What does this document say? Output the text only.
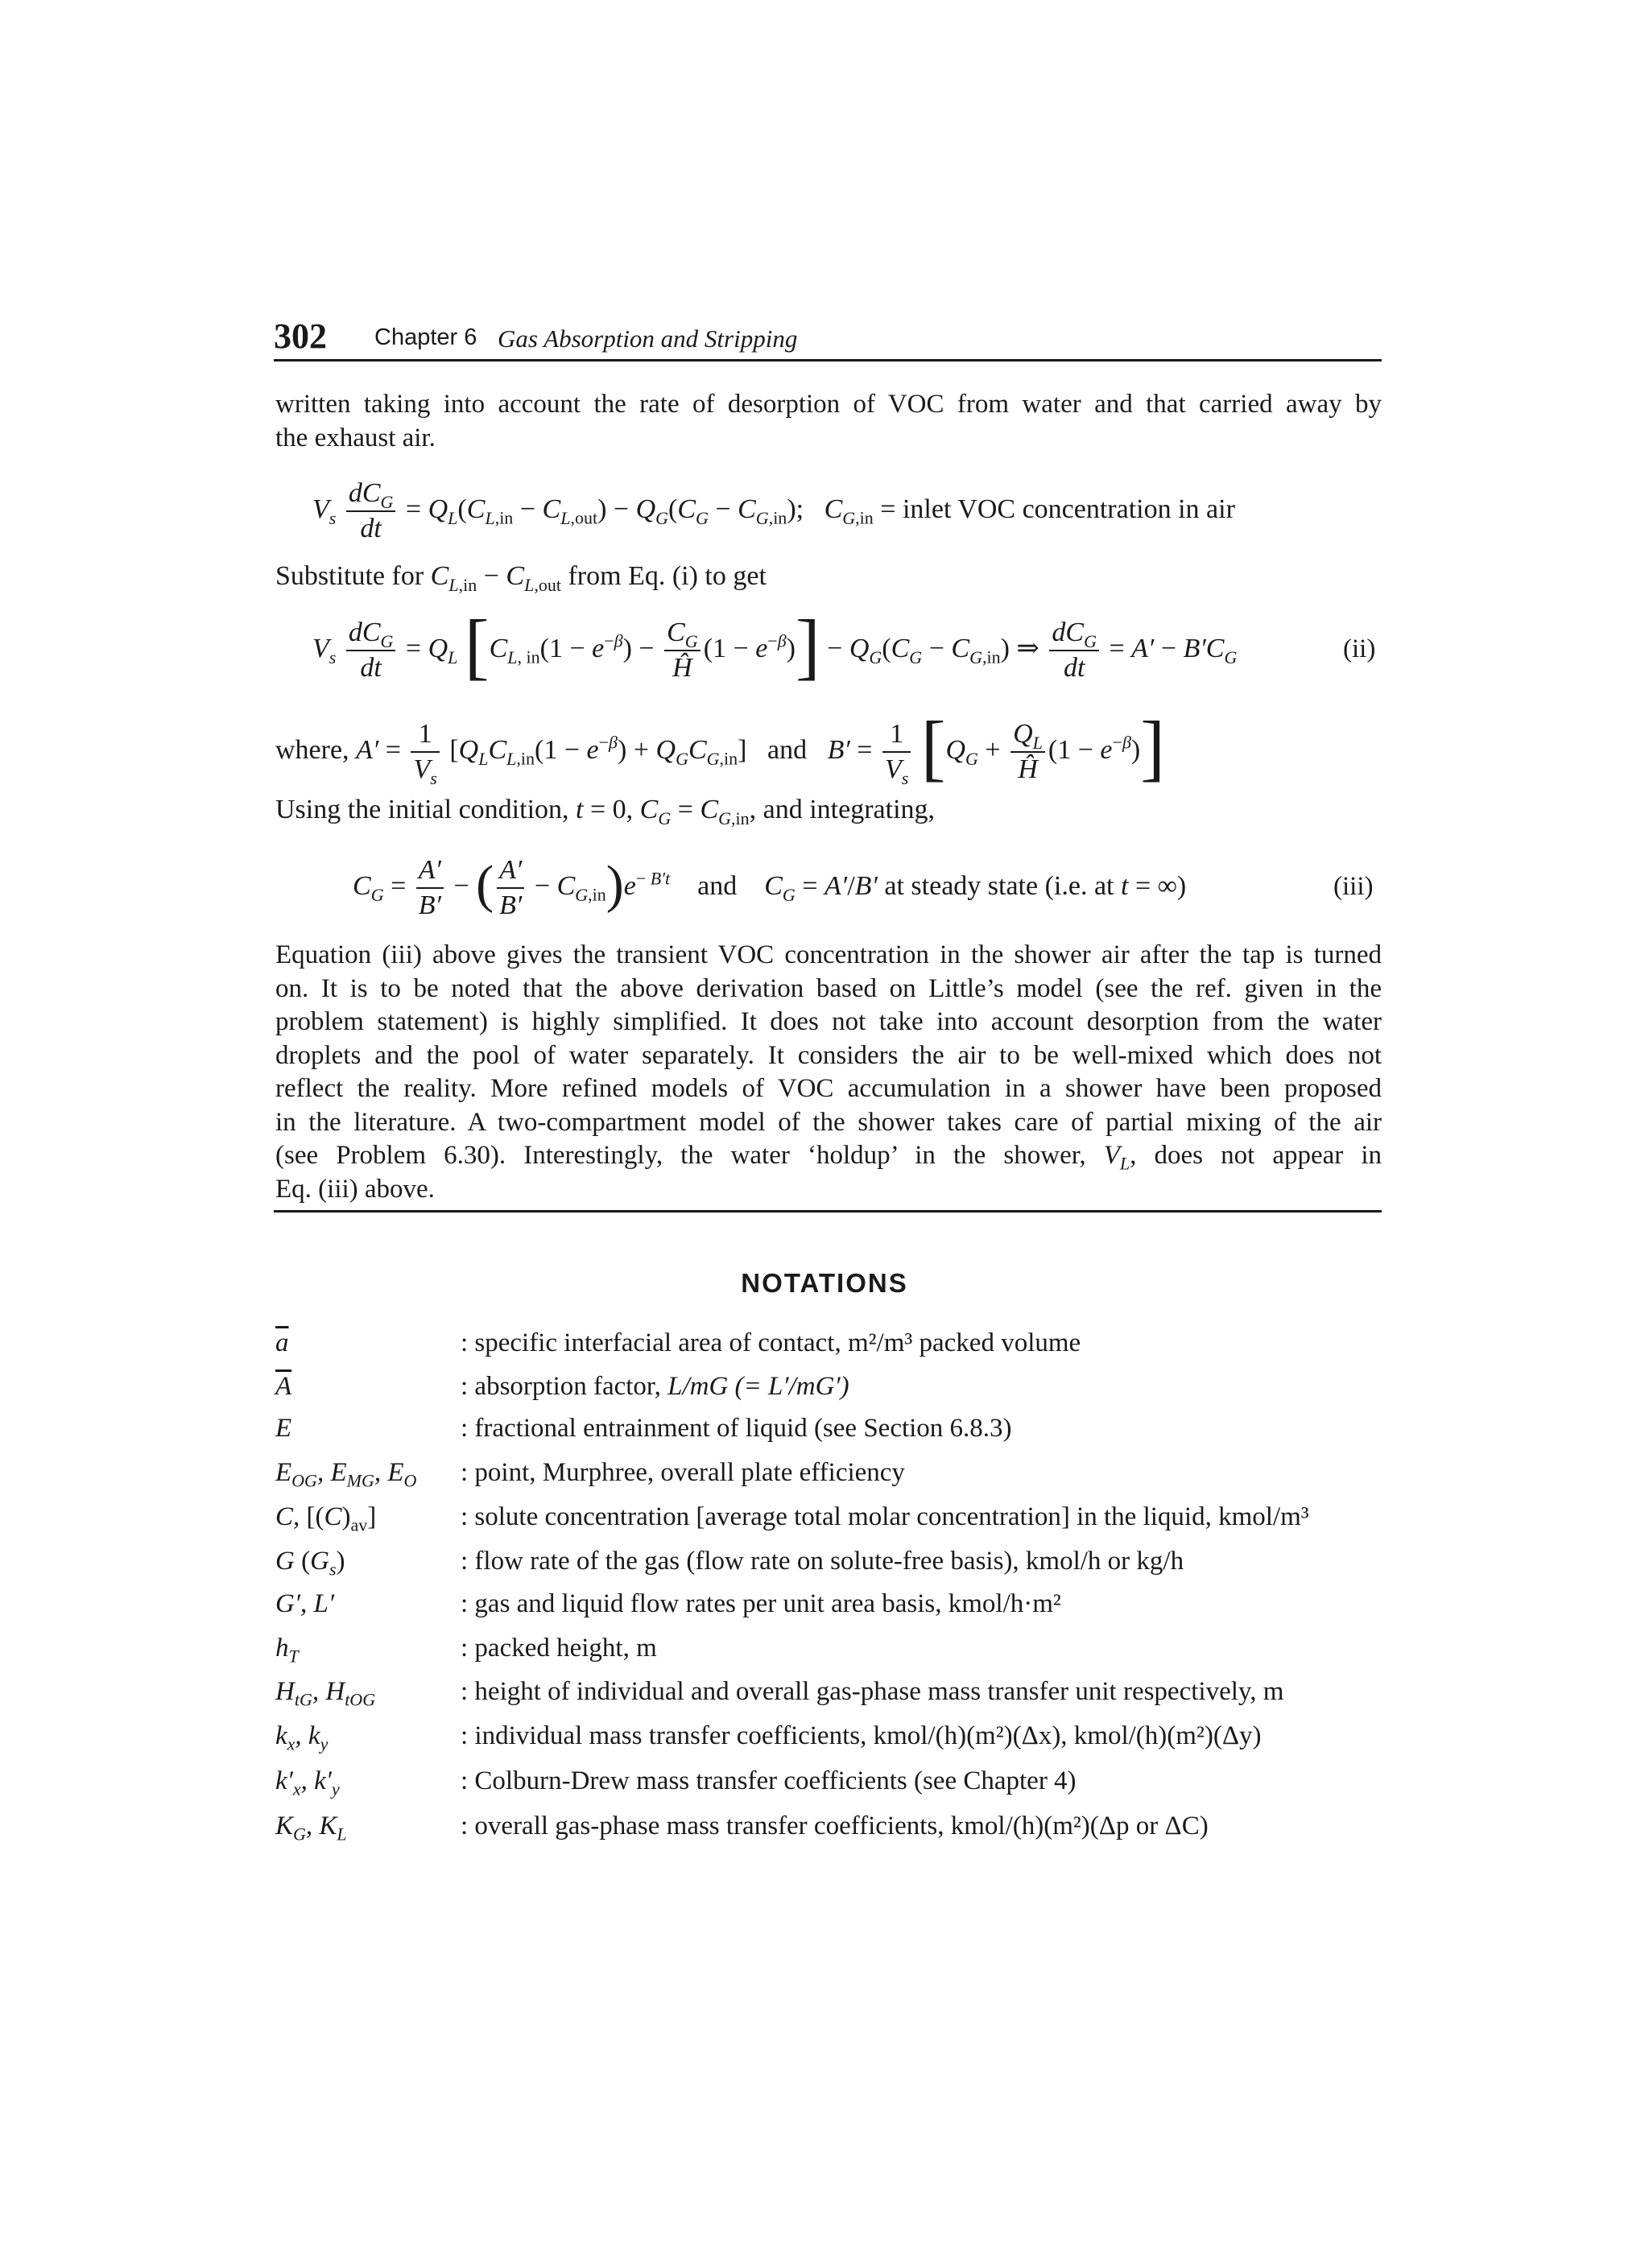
302 Chapter 6 Gas Absorption and Stripping
written taking into account the rate of desorption of VOC from water and that carried away by
the exhaust air.
$V_s \frac{dC_G}{dt} = Q_L(C_{L,in} - C_{L,out}) - Q_G(C_G - C_{G,in})$;   $C_{G,in}$ = inlet VOC concentration in air
Substitute for $C_{L,in} - C_{L,out}$ from Eq. (i) to get
$V_s \frac{dC_G}{dt} = Q_L$ $[C_{L, in}(1 - e^{-\beta}) - \frac{C_G}{Ĥ} (1 - e^{-\beta})] - Q_G(C_G - C_{G,in})$ ⇒ $\frac{dC_G}{dt} = A' - B'C_G$	(ii)
where, $A' = \frac{1}{V_s} [Q_LC_{L,in}(1 - e^{-\beta}) + Q_GC_{G,in}]$   and $B' = \frac{1}{V_s} [Q_G + \frac{Q_L}{Ĥ} (1 - e^{-\beta})]$
Using the initial condition, t = 0, $C_G = C_{G,in}$, and integrating,
$C_G = \frac{A'}{B'}$ − ( $\frac{A'}{B'} - C_{G,in})e^{- B't}$ and $C_G = A'/B'$ at steady state (i.e. at t = ∞)	(iii)
Equation (iii) above gives the transient VOC concentration in the shower air after the tap is turned
on. It is to be noted that the above derivation based on Little’s model (see the ref. given in the
problem statement) is highly simplified. It does not take into account desorption from the water
droplets and the pool of water separately. It considers the air to be well-mixed which does not
reflect the reality. More refined models of VOC accumulation in a shower have been proposed
in the literature. A two-compartment model of the shower takes care of partial mixing of the air
(see Problem 6.30). Interestingly, the water ‘holdup’ in the shower, $V_L$, does not appear in
Eq. (iii) above.
NOTATIONS
$\overline{a}$	: specific interfacial area of contact, m²/m³ packed volume
$\overline{A}$	: absorption factor, L/mG (= L′/mG′)
E	: fractional entrainment of liquid (see Section 6.8.3)
$E_{OG}$, $E_{MG}$, $E_O$ : point, Murphree, overall plate efficiency
C, $[(C)_{av}]$	: solute concentration [average total molar concentration] in the liquid, kmol/m³
G $(G_s)$	: flow rate of the gas (flow rate on solute-free basis), kmol/h or kg/h
G′, L′	: gas and liquid flow rates per unit area basis, kmol/h·m²
$h_T$	: packed height, m
$H_{tG}$, $H_{tOG}$	: height of individual and overall gas-phase mass transfer unit respectively, m
$k_x$, $k_y$	: individual mass transfer coefficients, kmol/(h)(m²)(Δx), kmol/(h)(m²)(Δy)
$k'_x$, $k'_y$	: Colburn-Drew mass transfer coefficients (see Chapter 4)
$K_G$, $K_L$	: overall gas-phase mass transfer coefficients, kmol/(h)(m²)(Δp or ΔC)
